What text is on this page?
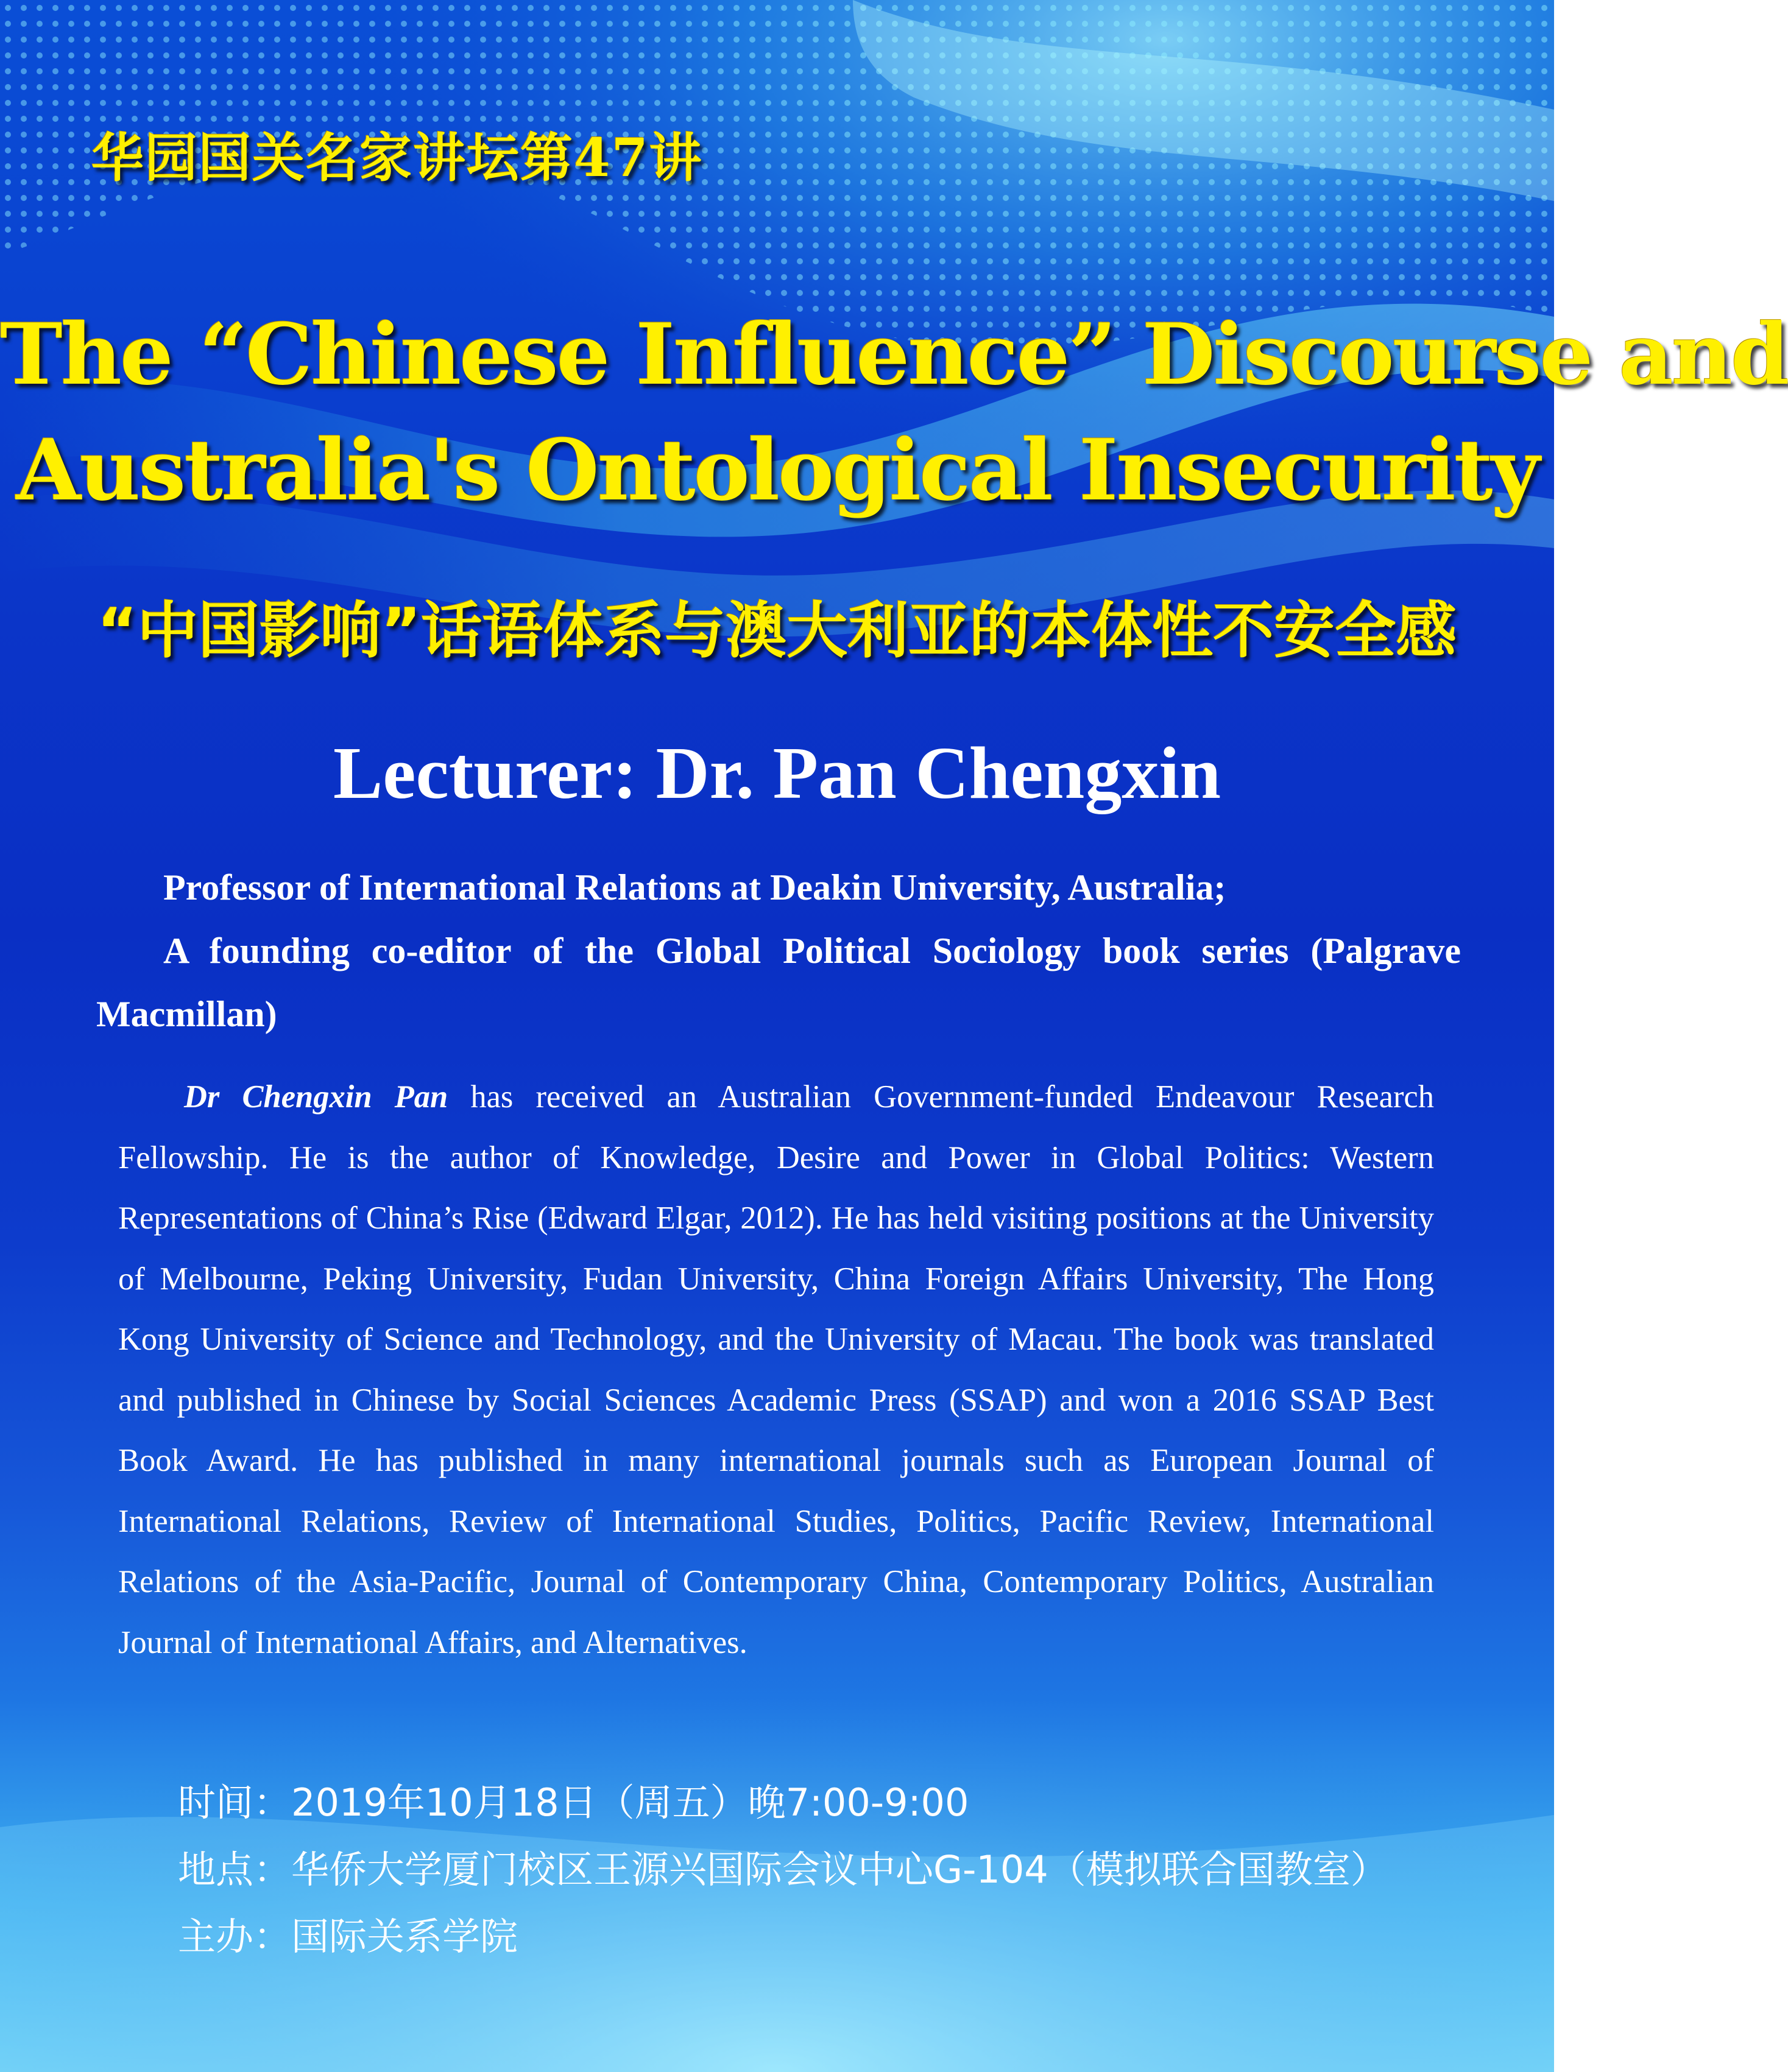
华园国关名家讲坛第47讲
The “Chinese Influence” Discourse and
Australia's Ontological Insecurity
“中国影响”话语体系与澳大利亚的本体性不安全感
Lecturer: Dr. Pan Chengxin
Professor of International Relations at Deakin University, Australia;
A founding co-editor of the Global Political Sociology book series (Palgrave Macmillan)
Dr Chengxin Pan has received an Australian Government-funded Endeavour Research Fellowship. He is the author of Knowledge, Desire and Power in Global Politics: Western Representations of China’s Rise (Edward Elgar, 2012). He has held visiting positions at the University of Melbourne, Peking University, Fudan University, China Foreign Affairs University, The Hong Kong University of Science and Technology, and the University of Macau. The book was translated and published in Chinese by Social Sciences Academic Press (SSAP) and won a 2016 SSAP Best Book Award. He has published in many international journals such as European Journal of International Relations, Review of International Studies, Politics, Pacific Review, International Relations of the Asia-Pacific, Journal of Contemporary China, Contemporary Politics, Australian Journal of International Affairs, and Alternatives.
时间：2019年10月18日（周五）晚7:00-9:00
地点：华侨大学厦门校区王源兴国际会议中心G-104（模拟联合国教室）
主办：国际关系学院
